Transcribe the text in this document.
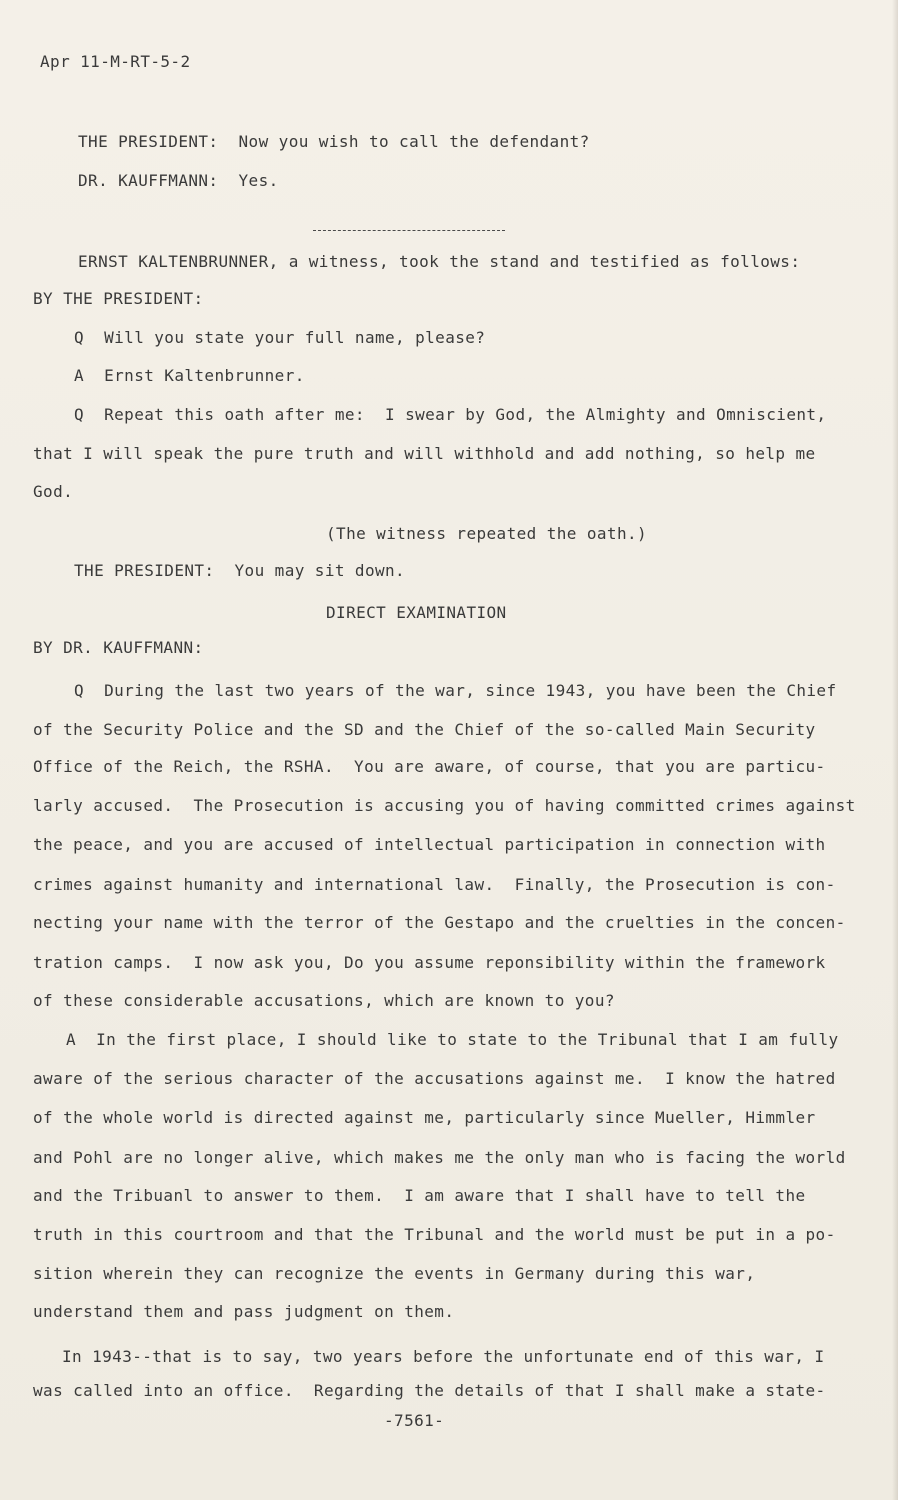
Apr 11-M-RT-5-2
THE PRESIDENT:  Now you wish to call the defendant?
DR. KAUFFMANN:  Yes.
ERNST KALTENBRUNNER, a witness, took the stand and testified as follows:
BY THE PRESIDENT:
Q  Will you state your full name, please?
A  Ernst Kaltenbrunner.
Q  Repeat this oath after me:  I swear by God, the Almighty and Omniscient,
that I will speak the pure truth and will withhold and add nothing, so help me
God.
(The witness repeated the oath.)
THE PRESIDENT:  You may sit down.
DIRECT EXAMINATION
BY DR. KAUFFMANN:
Q  During the last two years of the war, since 1943, you have been the Chief
of the Security Police and the SD and the Chief of the so-called Main Security
Office of the Reich, the RSHA.  You are aware, of course, that you are particu-
larly accused.  The Prosecution is accusing you of having committed crimes against
the peace, and you are accused of intellectual participation in connection with
crimes against humanity and international law.  Finally, the Prosecution is con-
necting your name with the terror of the Gestapo and the cruelties in the concen-
tration camps.  I now ask you, Do you assume reponsibility within the framework
of these considerable accusations, which are known to you?
A  In the first place, I should like to state to the Tribunal that I am fully
aware of the serious character of the accusations against me.  I know the hatred
of the whole world is directed against me, particularly since Mueller, Himmler
and Pohl are no longer alive, which makes me the only man who is facing the world
and the Tribuanl to answer to them.  I am aware that I shall have to tell the
truth in this courtroom and that the Tribunal and the world must be put in a po-
sition wherein they can recognize the events in Germany during this war,
understand them and pass judgment on them.
In 1943--that is to say, two years before the unfortunate end of this war, I
was called into an office.  Regarding the details of that I shall make a state-
-7561-
